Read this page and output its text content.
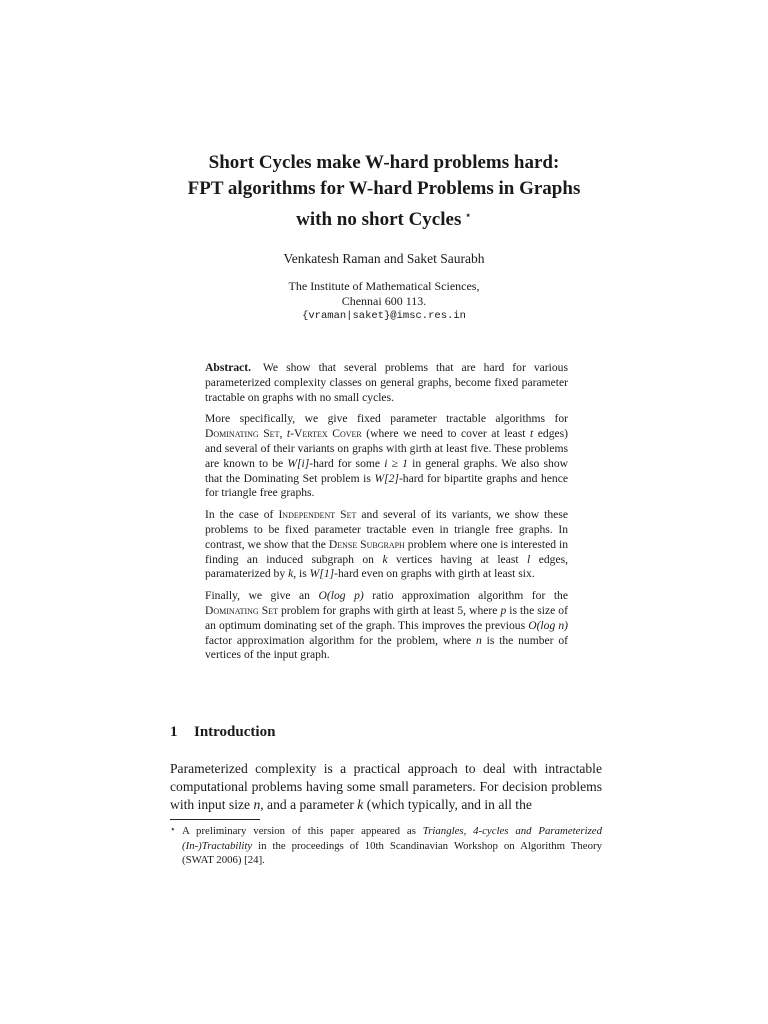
Short Cycles make W-hard problems hard:
FPT algorithms for W-hard Problems in Graphs
with no short Cycles ⋆
Venkatesh Raman and Saket Saurabh
The Institute of Mathematical Sciences,
Chennai 600 113.
{vraman|saket}@imsc.res.in

Abstract. We show that several problems that are hard for various parameterized complexity classes on general graphs, become fixed parameter tractable on graphs with no small cycles.

More specifically, we give fixed parameter tractable algorithms for Dominating Set, t-Vertex Cover (where we need to cover at least t edges) and several of their variants on graphs with girth at least five. These problems are known to be W[i]-hard for some i ≥ 1 in general graphs. We also show that the Dominating Set problem is W[2]-hard for bipartite graphs and hence for triangle free graphs.

In the case of Independent Set and several of its variants, we show these problems to be fixed parameter tractable even in triangle free graphs. In contrast, we show that the Dense Subgraph problem where one is interested in finding an induced subgraph on k vertices having at least l edges, paramaterized by k, is W[1]-hard even on graphs with girth at least six.

Finally, we give an O(log p) ratio approximation algorithm for the Dominating Set problem for graphs with girth at least 5, where p is the size of an optimum dominating set of the graph. This improves the previous O(log n) factor approximation algorithm for the problem, where n is the number of vertices of the input graph.

1 Introduction

Parameterized complexity is a practical approach to deal with intractable computational problems having some small parameters. For decision problems with input size n, and a parameter k (which typically, and in all the

⋆ A preliminary version of this paper appeared as Triangles, 4-cycles and Parameterized (In-)Tractability in the proceedings of 10th Scandinavian Workshop on Algorithm Theory (SWAT 2006) [24].
